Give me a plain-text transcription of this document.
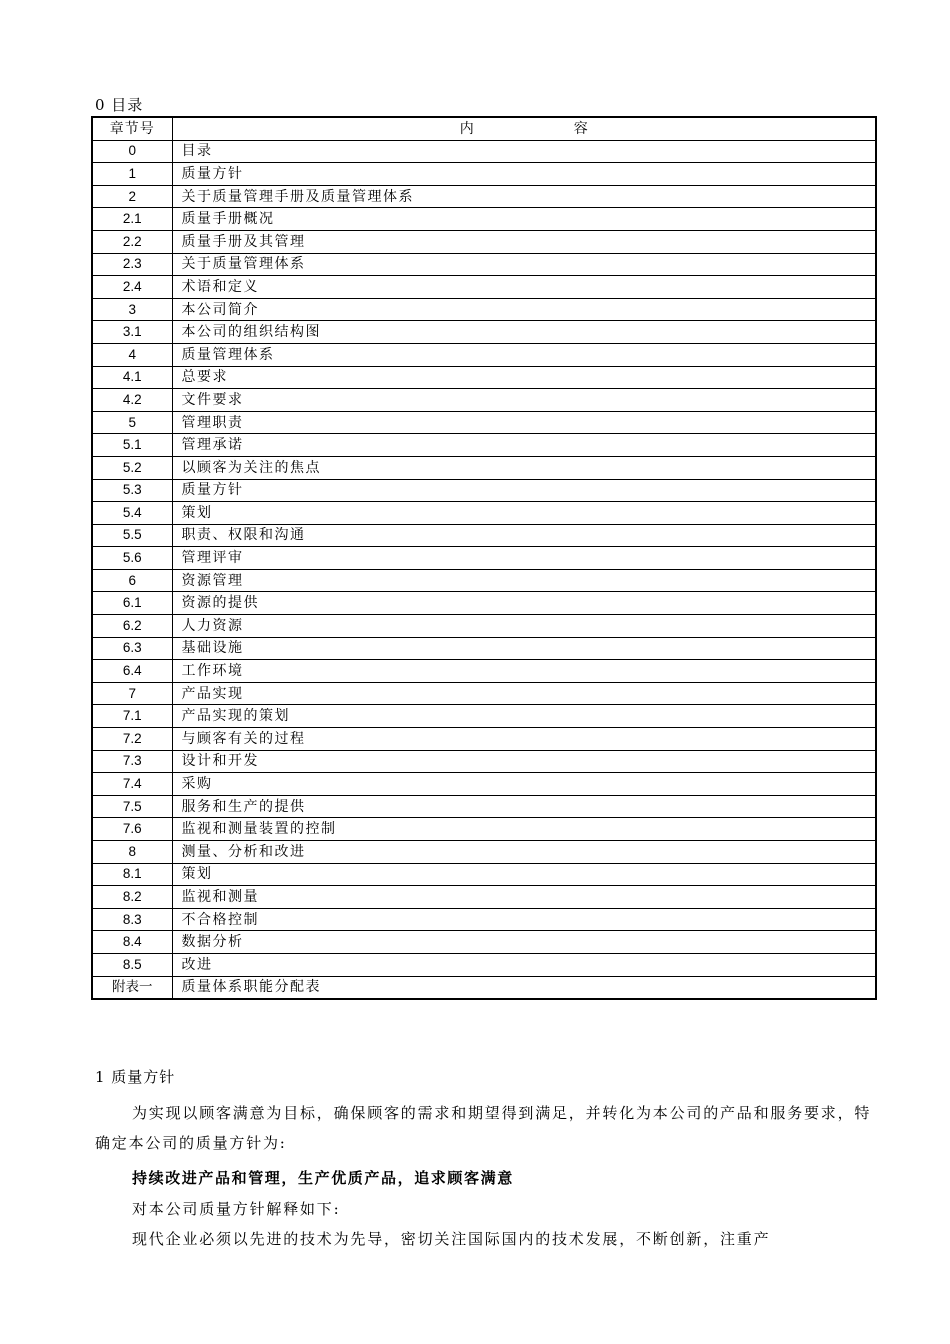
0 目录
章节号	内 容
0	目录
1	质量方针
2	关于质量管理手册及质量管理体系
2.1	质量手册概况
2.2	质量手册及其管理
2.3	关于质量管理体系
2.4	术语和定义
3	本公司简介
3.1	本公司的组织结构图
4	质量管理体系
4.1	总要求
4.2	文件要求
5	管理职责
5.1	管理承诺
5.2	以顾客为关注的焦点
5.3	质量方针
5.4	策划
5.5	职责、权限和沟通
5.6	管理评审
6	资源管理
6.1	资源的提供
6.2	人力资源
6.3	基础设施
6.4	工作环境
7	产品实现
7.1	产品实现的策划
7.2	与顾客有关的过程
7.3	设计和开发
7.4	采购
7.5	服务和生产的提供
7.6	监视和测量装置的控制
8	测量、分析和改进
8.1	策划
8.2	监视和测量
8.3	不合格控制
8.4	数据分析
8.5	改进
附表一	质量体系职能分配表
1 质量方针
为实现以顾客满意为目标，确保顾客的需求和期望得到满足，并转化为本公司的产品和服务要求，特确定本公司的质量方针为:
持续改进产品和管理，生产优质产品，追求顾客满意
对本公司质量方针解释如下:
现代企业必须以先进的技术为先导，密切关注国际国内的技术发展，不断创新，注重产
